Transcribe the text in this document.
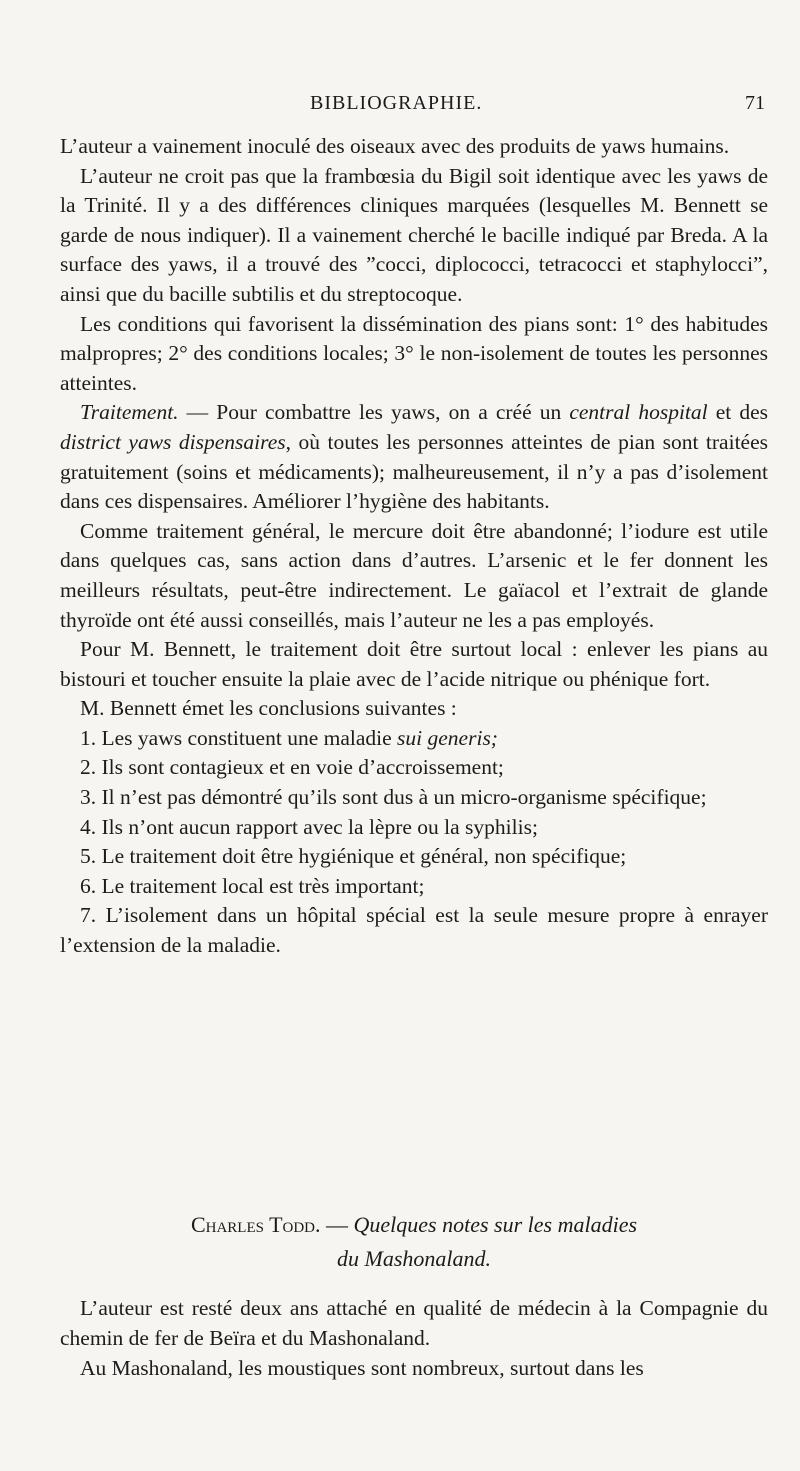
BIBLIOGRAPHIE.	71

L’auteur a vainement inoculé des oiseaux avec des produits de yaws humains.

L’auteur ne croit pas que la frambœsia du Bigil soit identique avec les yaws de la Trinité. Il y a des différences cliniques marquées (lesquelles M. Bennett se garde de nous indiquer). Il a vainement cherché le bacille indiqué par Breda. A la surface des yaws, il a trouvé des ”cocci, diplococci, tetracocci et staphylocci”, ainsi que du bacille subtilis et du streptocoque.

Les conditions qui favorisent la dissémination des pians sont: 1° des habitudes malpropres; 2° des conditions locales; 3° le non-isolement de toutes les personnes atteintes.

Traitement. — Pour combattre les yaws, on a créé un central hospital et des district yaws dispensaires, où toutes les personnes atteintes de pian sont traitées gratuitement (soins et médicaments); malheureusement, il n’y a pas d’isolement dans ces dispensaires. Améliorer l’hygiène des habitants.

Comme traitement général, le mercure doit être abandonné; l’iodure est utile dans quelques cas, sans action dans d’autres. L’arsenic et le fer donnent les meilleurs résultats, peut-être indirectement. Le gaïacol et l’extrait de glande thyroïde ont été aussi conseillés, mais l’auteur ne les a pas employés.

Pour M. Bennett, le traitement doit être surtout local : enlever les pians au bistouri et toucher ensuite la plaie avec de l’acide nitrique ou phénique fort.

M. Bennett émet les conclusions suivantes :

1. Les yaws constituent une maladie sui generis;

2. Ils sont contagieux et en voie d’accroissement;

3. Il n’est pas démontré qu’ils sont dus à un micro-organisme spécifique;

4. Ils n’ont aucun rapport avec la lèpre ou la syphilis;

5. Le traitement doit être hygiénique et général, non spécifique;

6. Le traitement local est très important;

7. L’isolement dans un hôpital spécial est la seule mesure propre à enrayer l’extension de la maladie.

Charles Todd. — Quelques notes sur les maladies
du Mashonaland.

L’auteur est resté deux ans attaché en qualité de médecin à la Compagnie du chemin de fer de Beïra et du Mashonaland.

Au Mashonaland, les moustiques sont nombreux, surtout dans les
